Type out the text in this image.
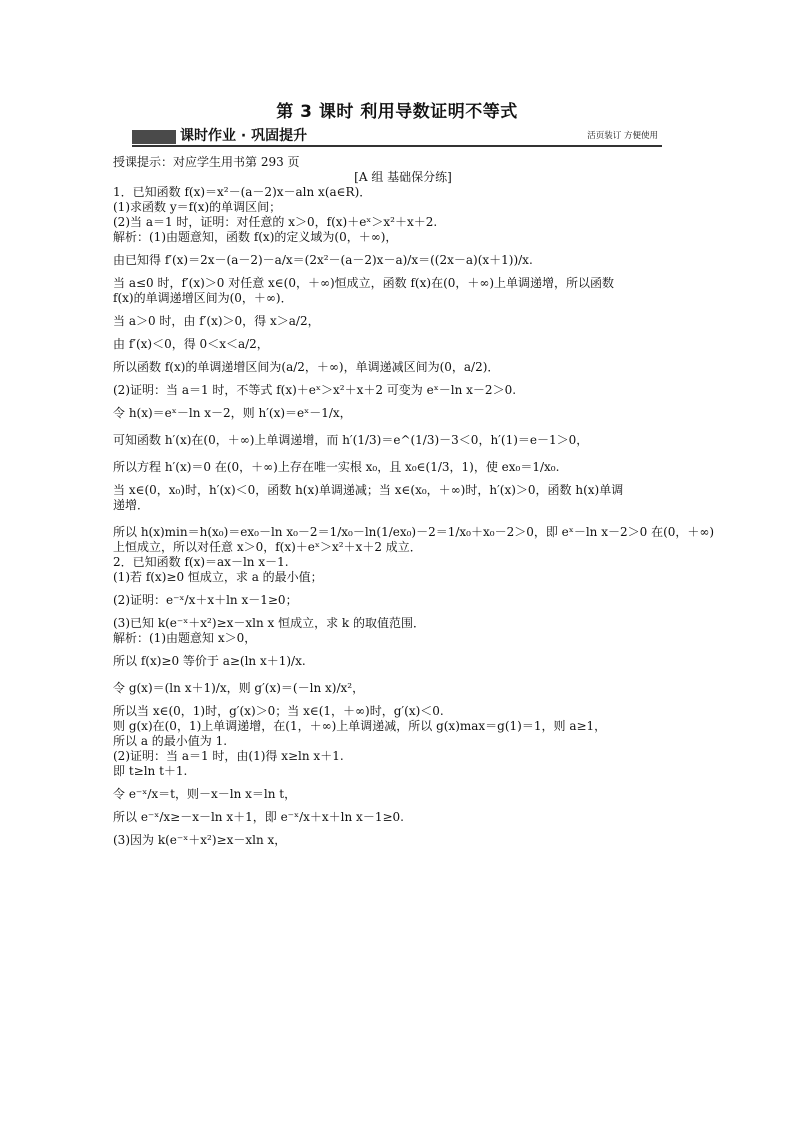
第 3 课时 利用导数证明不等式
课时作业 · 巩固提升	活页装订 方便使用
授课提示：对应学生用书第 293 页
[A 组 基础保分练]
1．已知函数 f(x)＝x²－(a－2)x－aln x(a∈R)．
(1)求函数 y＝f(x)的单调区间；
(2)当 a＝1 时，证明：对任意的 x＞0，f(x)＋eˣ＞x²＋x＋2.
解析：(1)由题意知，函数 f(x)的定义域为(0，＋∞)，
由已知得 f′(x)＝2x－(a－2)－a/x＝(2x²－(a－2)x－a)/x＝((2x－a)(x＋1))/x.
当 a≤0 时，f′(x)＞0 对任意 x∈(0，＋∞)恒成立，函数 f(x)在(0，＋∞)上单调递增，所以函数
f(x)的单调递增区间为(0，＋∞)．
当 a＞0 时，由 f′(x)＞0，得 x＞a/2，
由 f′(x)＜0，得 0＜x＜a/2，
所以函数 f(x)的单调递增区间为(a/2，＋∞)，单调递减区间为(0，a/2)．
(2)证明：当 a＝1 时，不等式 f(x)＋eˣ＞x²＋x＋2 可变为 eˣ－ln x－2＞0.
令 h(x)＝eˣ－ln x－2，则 h′(x)＝eˣ－1/x，
可知函数 h′(x)在(0，＋∞)上单调递增，而 h′(1/3)＝e^(1/3)－3＜0，h′(1)＝e－1＞0，
所以方程 h′(x)＝0 在(0，＋∞)上存在唯一实根 x₀，且 x₀∈(1/3，1)，使 ex₀＝1/x₀.
当 x∈(0，x₀)时，h′(x)＜0，函数 h(x)单调递减；当 x∈(x₀，＋∞)时，h′(x)＞0，函数 h(x)单调
递增．
所以 h(x)min＝h(x₀)＝ex₀－ln x₀－2＝1/x₀－ln(1/ex₀)－2＝1/x₀＋x₀－2＞0，即 eˣ－ln x－2＞0 在(0，＋∞)
上恒成立，所以对任意 x＞0，f(x)＋eˣ＞x²＋x＋2 成立．
2．已知函数 f(x)＝ax－ln x－1.
(1)若 f(x)≥0 恒成立，求 a 的最小值；
(2)证明：e⁻ˣ/x＋x＋ln x－1≥0；
(3)已知 k(e⁻ˣ＋x²)≥x－xln x 恒成立，求 k 的取值范围．
解析：(1)由题意知 x＞0，
所以 f(x)≥0 等价于 a≥(ln x＋1)/x.
令 g(x)＝(ln x＋1)/x，则 g′(x)＝(－ln x)/x²，
所以当 x∈(0，1)时，g′(x)＞0；当 x∈(1，＋∞)时，g′(x)＜0.
则 g(x)在(0，1)上单调递增，在(1，＋∞)上单调递减，所以 g(x)max＝g(1)＝1，则 a≥1，
所以 a 的最小值为 1.
(2)证明：当 a＝1 时，由(1)得 x≥ln x＋1.
即 t≥ln t＋1.
令 e⁻ˣ/x＝t，则－x－ln x＝ln t，
所以 e⁻ˣ/x≥－x－ln x＋1，即 e⁻ˣ/x＋x＋ln x－1≥0.
(3)因为 k(e⁻ˣ＋x²)≥x－xln x，
